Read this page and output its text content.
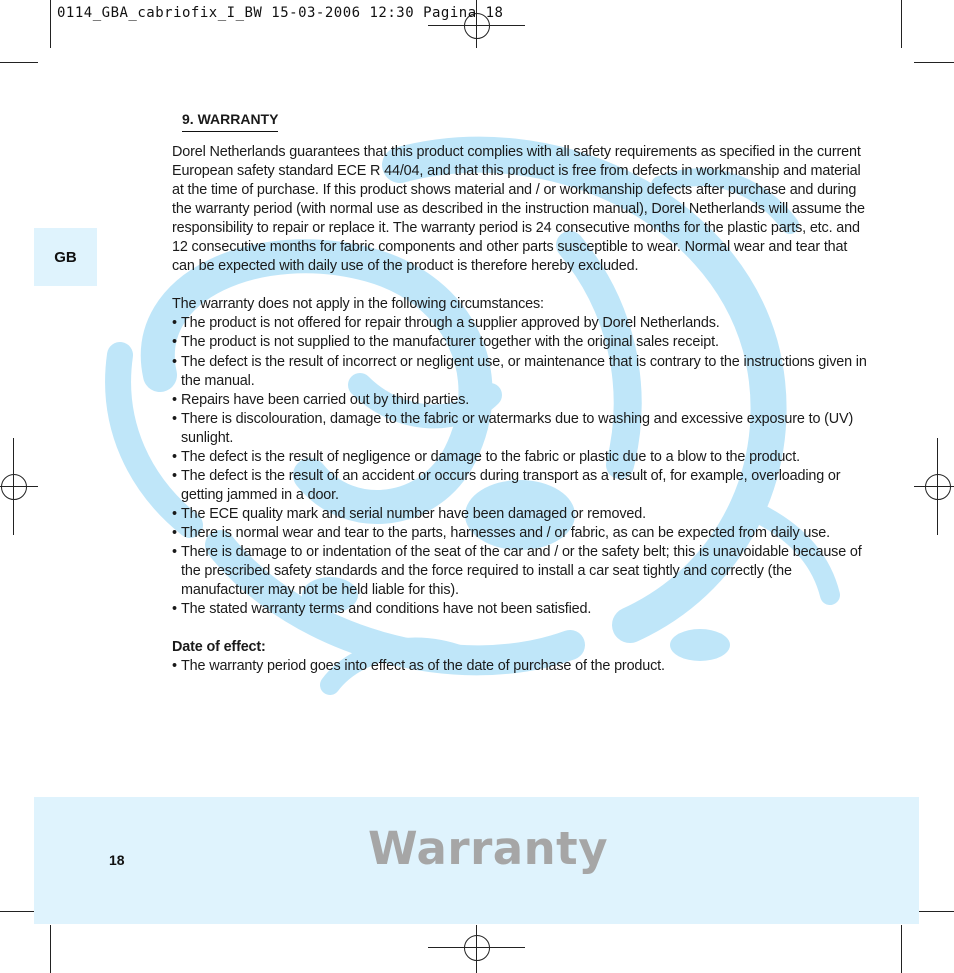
0114_GBA_cabriofix_I_BW 15-03-2006 12:30 Pagina 18
GB
9. WARRANTY

Dorel Netherlands guarantees that this product complies with all safety requirements as specified in the current European safety standard ECE R 44/04, and that this product is free from defects in workmanship and material at the time of purchase. If this product shows material and / or workmanship defects after purchase and during the warranty period (with normal use as described in the instruction manual), Dorel Netherlands will assume the responsibility to repair or replace it. The warranty period is 24 consecutive months for the plastic parts, etc. and 12 consecutive months for fabric components and other parts susceptible to wear. Normal wear and tear that can be expected with daily use of the product is therefore hereby excluded.

The warranty does not apply in the following circumstances:

• The product is not offered for repair through a supplier approved by Dorel Netherlands.
• The product is not supplied to the manufacturer together with the original sales receipt.
• The defect is the result of incorrect or negligent use, or maintenance that is contrary to the instructions given in the manual.
• Repairs have been carried out by third parties.
• There is discolouration, damage to the fabric or watermarks due to washing and excessive exposure to (UV) sunlight.
• The defect is the result of negligence or damage to the fabric or plastic due to a blow to the product.
• The defect is the result of an accident or occurs during transport as a result of, for example, overloading or getting jammed in a door.
• The ECE quality mark and serial number have been damaged or removed.
• There is normal wear and tear to the parts, harnesses and / or fabric, as can be expected from daily use.
• There is damage to or indentation of the seat of the car and / or the safety belt; this is unavoidable because of the prescribed safety standards and the force required to install a car seat tightly and correctly (the manufacturer may not be held liable for this).
• The stated warranty terms and conditions have not been satisfied.

Date of effect:

• The warranty period goes into effect as of the date of purchase of the product.
18	Warranty
